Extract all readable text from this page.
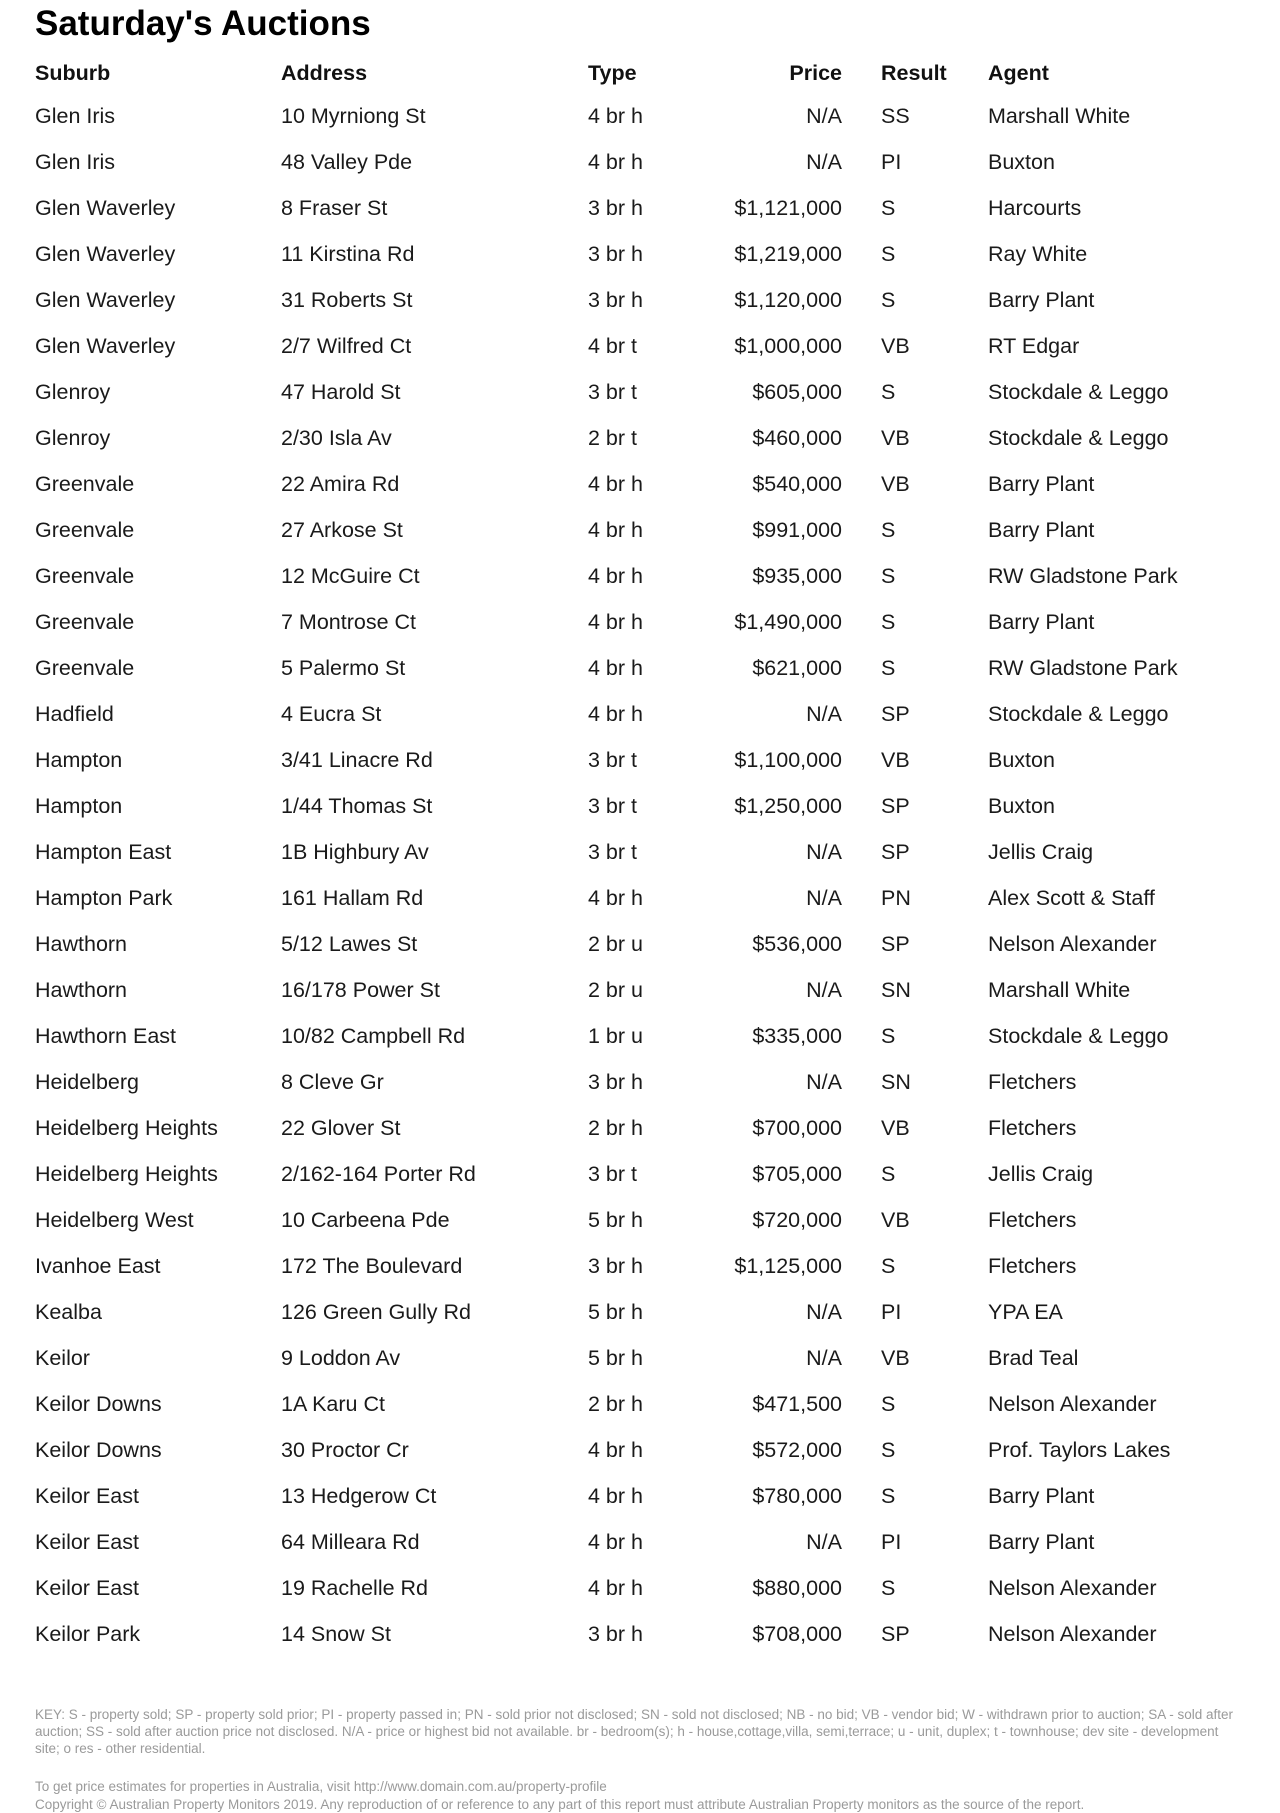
Saturday's Auctions
Suburb	Address	Type	Price Result Agent
Glen Iris	10 Myrniong St	4 br h	N/A SS	Marshall White
Glen Iris	48 Valley Pde	4 br h	N/A PI	Buxton
Glen Waverley	8 Fraser St	3 br h	$1,121,000 S	Harcourts
Glen Waverley	11 Kirstina Rd	3 br h	$1,219,000 S	Ray White
Glen Waverley	31 Roberts St	3 br h	$1,120,000 S	Barry Plant
Glen Waverley	2/7 Wilfred Ct	4 br t	$1,000,000 VB	RT Edgar
Glenroy	47 Harold St	3 br t	$605,000 S	Stockdale & Leggo
Glenroy	2/30 Isla Av	2 br t	$460,000 VB	Stockdale & Leggo
Greenvale	22 Amira Rd	4 br h	$540,000 VB	Barry Plant
Greenvale	27 Arkose St	4 br h	$991,000 S	Barry Plant
Greenvale	12 McGuire Ct	4 br h	$935,000 S	RW Gladstone Park
Greenvale	7 Montrose Ct	4 br h	$1,490,000 S	Barry Plant
Greenvale	5 Palermo St	4 br h	$621,000 S	RW Gladstone Park
Hadfield	4 Eucra St	4 br h	N/A SP	Stockdale & Leggo
Hampton	3/41 Linacre Rd	3 br t	$1,100,000 VB	Buxton
Hampton	1/44 Thomas St	3 br t	$1,250,000 SP	Buxton
Hampton East	1B Highbury Av	3 br t	N/A SP	Jellis Craig
Hampton Park	161 Hallam Rd	4 br h	N/A PN	Alex Scott & Staff
Hawthorn	5/12 Lawes St	2 br u	$536,000 SP	Nelson Alexander
Hawthorn	16/178 Power St	2 br u	N/A SN	Marshall White
Hawthorn East	10/82 Campbell Rd	1 br u	$335,000 S	Stockdale & Leggo
Heidelberg	8 Cleve Gr	3 br h	N/A SN	Fletchers
Heidelberg Heights	22 Glover St	2 br h	$700,000 VB	Fletchers
Heidelberg Heights	2/162-164 Porter Rd	3 br t	$705,000 S	Jellis Craig
Heidelberg West	10 Carbeena Pde	5 br h	$720,000 VB	Fletchers
Ivanhoe East	172 The Boulevard	3 br h	$1,125,000 S	Fletchers
Kealba	126 Green Gully Rd	5 br h	N/A PI	YPA EA
Keilor	9 Loddon Av	5 br h	N/A VB	Brad Teal
Keilor Downs	1A Karu Ct	2 br h	$471,500 S	Nelson Alexander
Keilor Downs	30 Proctor Cr	4 br h	$572,000 S	Prof. Taylors Lakes
Keilor East	13 Hedgerow Ct	4 br h	$780,000 S	Barry Plant
Keilor East	64 Milleara Rd	4 br h	N/A PI	Barry Plant
Keilor East	19 Rachelle Rd	4 br h	$880,000 S	Nelson Alexander
Keilor Park	14 Snow St	3 br h	$708,000 SP	Nelson Alexander
KEY: S - property sold; SP - property sold prior; PI - property passed in; PN - sold prior not disclosed; SN - sold not disclosed; NB - no bid; VB - vendor bid; W - withdrawn prior to auction; SA - sold after auction; SS - sold after auction price not disclosed. N/A - price or highest bid not available. br - bedroom(s); h - house,cottage,villa, semi,terrace; u - unit, duplex; t - townhouse; dev site - development site; o res - other residential.
To get price estimates for properties in Australia, visit http://www.domain.com.au/property-profile
Copyright © Australian Property Monitors 2019. Any reproduction of or reference to any part of this report must attribute Australian Property monitors as the source of the report.
